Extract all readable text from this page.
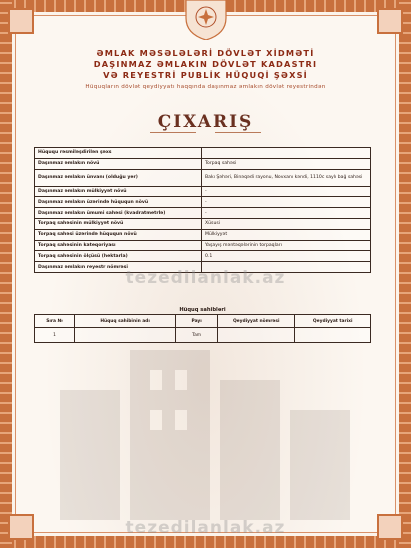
ƏMLAK MƏSƏLƏLƏRİ DÖVLƏT XİDMƏTİ
DAŞINMAZ ƏMLAKIN DÖVLƏT KADASTRI
VƏ REYESTRİ PUBLİK HÜQUQİ ŞƏXSİ
Hüquqların dövlət qeydiyyatı haqqında daşınmaz əmlakın dövlət reyestrindən
ÇIXARIŞ
Hüququ rəsmiləşdirilən şəxs	
Daşınmaz əmlakın növü	Torpaq sahəsi
Daşınmaz əmlakın ünvanı (olduğu yer)	Bakı Şəhəri, Binəqədi rayonu, Novxanı kəndi, 1110c saylı bağ sahəsi
Daşınmaz əmlakın mülkiyyət növü	-
Daşınmaz əmlakın üzərində hüququn növü	-
Daşınmaz əmlakın ümumi sahəsi (kvadratmetrlə)	-
Torpaq sahəsinin mülkiyyət növü	Xüsusi
Torpaq sahəsi üzərində hüququn növü	Mülkiyyət
Torpaq sahəsinin kateqoriyası	Yaşayış məntəqələrinin torpaqları
Torpaq sahəsinin ölçüsü (hektarla)	0.1
Daşınmaz əmlakın reyestr nömrəsi	
tezedilanlak.az
Hüquq sahibləri
Sıra №	Hüquq sahibinin adı	Payı	Qeydiyyat nömrəsi	Qeydiyyat tarixi
1		Tam		
tezedilanlak.az
